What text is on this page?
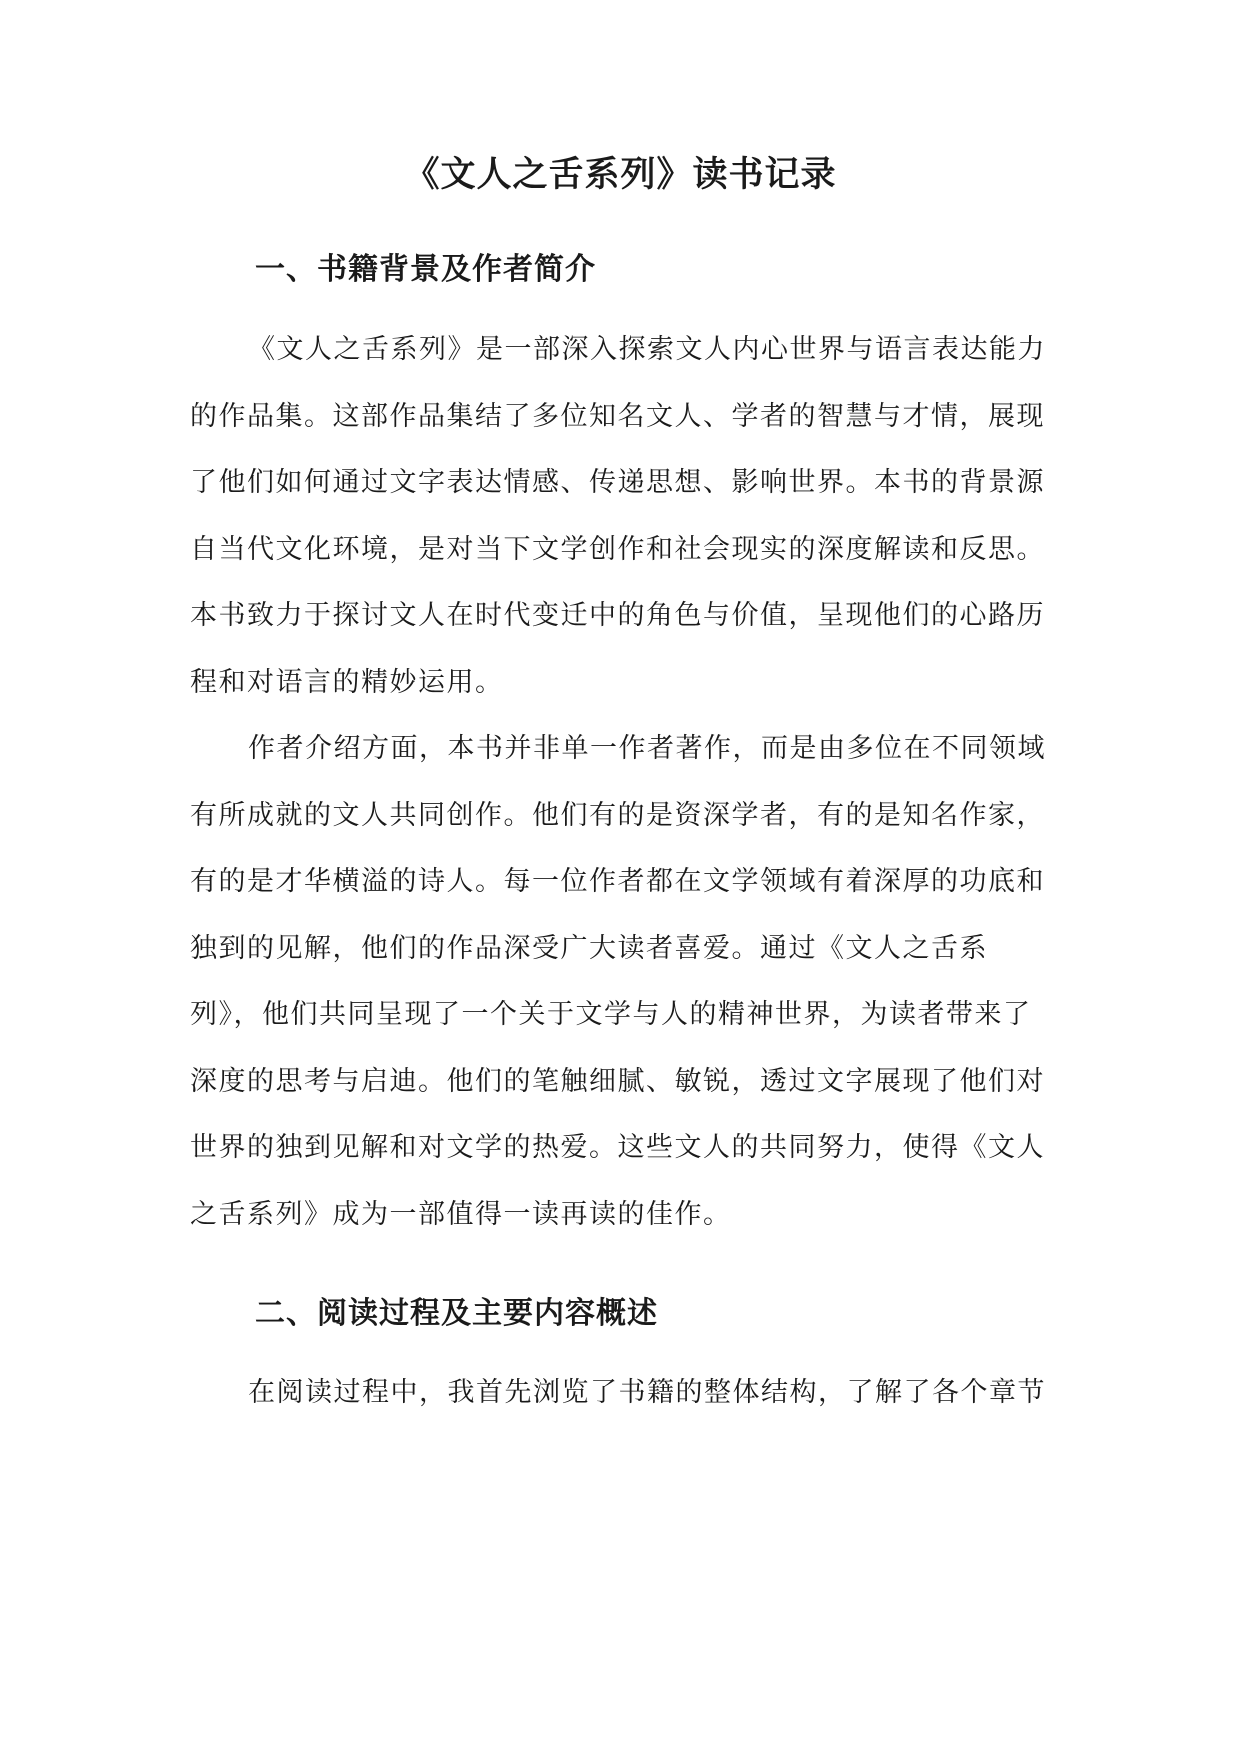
《文人之舌系列》读书记录
一、书籍背景及作者简介
《文人之舌系列》是一部深入探索文人内心世界与语言表达能力
的作品集。这部作品集结了多位知名文人、学者的智慧与才情，展现
了他们如何通过文字表达情感、传递思想、影响世界。本书的背景源
自当代文化环境，是对当下文学创作和社会现实的深度解读和反思。
本书致力于探讨文人在时代变迁中的角色与价值，呈现他们的心路历
程和对语言的精妙运用。
作者介绍方面，本书并非单一作者著作，而是由多位在不同领域
有所成就的文人共同创作。他们有的是资深学者，有的是知名作家，
有的是才华横溢的诗人。每一位作者都在文学领域有着深厚的功底和
独到的见解，他们的作品深受广大读者喜爱。通过《文人之舌系
列》，他们共同呈现了一个关于文学与人的精神世界，为读者带来了
深度的思考与启迪。他们的笔触细腻、敏锐，透过文字展现了他们对
世界的独到见解和对文学的热爱。这些文人的共同努力，使得《文人
之舌系列》成为一部值得一读再读的佳作。
二、阅读过程及主要内容概述
在阅读过程中，我首先浏览了书籍的整体结构，了解了各个章节
